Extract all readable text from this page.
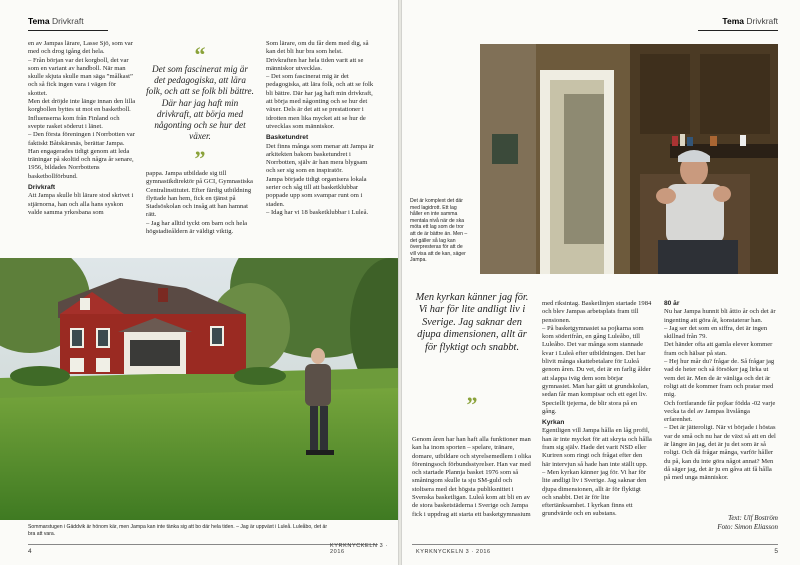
Tema Drivkraft

en av Jampas lärare, Lasse Sjö, som var med och drog igång det hela.

– Från början var det korgboll, det var som en variant av handboll. När man skulle skjuta skulle man säga ”målkast” och så fick ingen vara i vägen för skottet.

Men det dröjde inte länge innan den lilla korgbollen byttes ut mot en basketboll. Influenserna kom från Finland och svepte rasket söderut i länet.

– Den första föreningen i Norrbotten var faktiskt Båtskärsnäs, berättar Jampa.

Han engagerades tidigt genom att leda träningar på skoltid och några år senare, 1956, bildades Norrbottens basketbollförbund.

Drivkraft

Att Jampa skulle bli lärare stod skrivet i stjärnorna, han och alla hans syskon valde samma yrkesbana som

“
Det som fascinerat mig är det pedagogiska, att lära folk, och att se folk bli bättre. Där har jag haft min drivkraft, att börja med någonting och se hur det växer.
”

pappa. Jampa utbildade sig till gymnastikdirektör på GCI, Gymnastiska Centralinstitutet. Efter färdig utbildning flyttade han hem, fick en tjänst på Stadsöskolan och insåg att han hamnat rätt.

– Jag har alltid tyckt om barn och hela högstadieåldern är väldigt viktig.

Som lärare, om du får dem med dig, så kan det bli hur bra som helst.

Drivkraften har hela tiden varit att se människor utvecklas.

– Det som fascinerat mig är det pedagogiska, att lära folk, och att se folk bli bättre. Där har jag haft min drivkraft, att börja med någonting och se hur det växer. Dels är det att se prestationer i idrotten men lika mycket att se hur de utvecklas som människor.

Basketundret

Det finns många som menar att Jampa är arkitekten bakom basketundret i Norrbotten, själv är han mera blygsam och ser sig som en inspiratör.

Jampa började tidigt organisera lokala serier och såg till att basketklubbar poppade upp som svampar runt om i staden.

– Idag har vi 18 basketklubbar i Luleå.

Sommarstugen i Gäddvik är hönom kär, men Jampa kan inte tänka sig att bo där hela tiden. – Jag är uppväxt i Luleå. Luleåbo, det är bra att vara.
4
KYRKNYCKELN 3 · 2016
Tema Drivkraft
Det är komplext det där med lagidrott. Ett lag håller en inte samma mentala nivå när de ska möta ett lag som de tror att de är bättre än. Men – det gäller så lag kan överpresteras för att de vill visa att de kan, säger Jampa.
Men kyrkan känner jag för. Vi har för lite andligt liv i Sverige. Jag saknar den djupa dimensionen, allt är för flyktigt och snabbt.
”

Genom åren har han haft alla funktioner man kan ha inom sporten – spelare, tränare, domare, utbildare och styrelsemedlem i olika föreningsoch förbundsstyrelser. Han var med och startade Plannja basket 1976 som så småningom skulle ta sju SM-guld och stoltsera med det högsta publiksnittet i Svenska basketligan. Luleå kom att bli en av de stora basketstäderna i Sverige och Jampa fick i uppdrag att starta ett basketgymnasium

med riksintag. Basketlinjen startade 1984 och blev Jampas arbetsplats fram till pensionen.

– På basketgymnasiet sa pojkarna som kom söderifrån, en gång Luleåbo, till Luleåbo. Det var många som stannade kvar i Luleå efter utbildningen. Det har blivit många skattebetalare för Luleå genom åren. Du vet, det är en farlig ålder att slappa iväg dem som börjar gymnasiet. Man har gått ut grundskolan, sedan får man kompisar och ett eget liv. Speciellt tjejerna, de blir stora på en gång.

Kyrkan

Egentligen vill Jampa hålla en låg profil, han är inte mycket för att skryta och hålla fram sig själv. Hade det varit NSD eller Kuriren som ringt och frågat efter den här intervjun så hade han inte ställt upp.

– Men kyrkan känner jag för. Vi har för lite andligt liv i Sverige. Jag saknar den djupa dimensionen, allt är för flyktigt och snabbt. Det är för lite eftertänksamhet. I kyrkan finns ett grundvärde och en substans.

80 år

Nu har Jampa hunnit bli åttio år och det är ingenting att göra åt, konstaterar han.

– Jag ser det som en siffra, det är ingen skillnad från 79.

Det händer ofta att gamla elever kommer fram och hälsar på stan.

– Hej hur mår du? frågar de. Så frågar jag vad de heter och så försöker jag lirka ut vem det är. Men de är vänliga och det är roligt att de kommer fram och pratar med mig.

Och fortfarande får pojkar födda -02 varje vecka ta del av Jampas livslånga erfarenhet.

– Det är jätteroligt. När vi började i höstas var de små och nu har de växt så att en del är längre än jag, det är ju det som är så roligt. Och då frågar många, varför håller du på, kan du inte göra något annat? Men då säger jag, det är ju en gåva att få hålla på med unga människor.

Text: Ulf Boström
Foto: Simon Eliasson
KYRKNYCKELN 3 · 2016	5
